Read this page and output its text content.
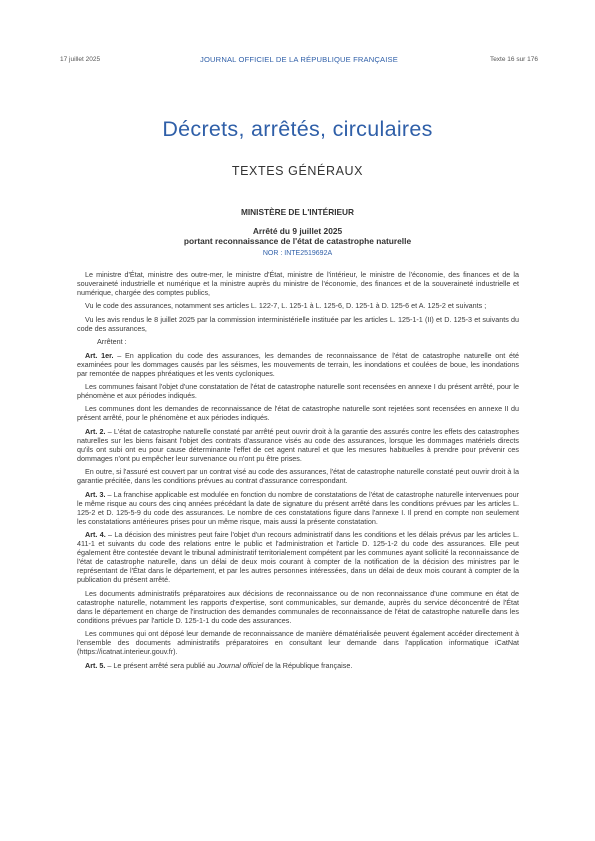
17 juillet 2025	JOURNAL OFFICIEL DE LA RÉPUBLIQUE FRANÇAISE	Texte 16 sur 176
Décrets, arrêtés, circulaires
TEXTES GÉNÉRAUX
MINISTÈRE DE L'INTÉRIEUR
Arrêté du 9 juillet 2025
portant reconnaissance de l'état de catastrophe naturelle
NOR : INTE2519692A

Le ministre d'État, ministre des outre-mer, le ministre d'État, ministre de l'intérieur, le ministre de l'économie, des finances et de la souveraineté industrielle et numérique et la ministre auprès du ministre de l'économie, des finances et de la souveraineté industrielle et numérique, chargée des comptes publics,

Vu le code des assurances, notamment ses articles L. 122-7, L. 125-1 à L. 125-6, D. 125-1 à D. 125-6 et A. 125-2 et suivants ;

Vu les avis rendus le 8 juillet 2025 par la commission interministérielle instituée par les articles L. 125-1-1 (II) et D. 125-3 et suivants du code des assurances,

Arrêtent :

Art. 1er. – En application du code des assurances, les demandes de reconnaissance de l'état de catastrophe naturelle ont été examinées pour les dommages causés par les séismes, les mouvements de terrain, les inondations et coulées de boue, les inondations par remontée de nappes phréatiques et les vents cycloniques.

Les communes faisant l'objet d'une constatation de l'état de catastrophe naturelle sont recensées en annexe I du présent arrêté, pour le phénomène et aux périodes indiqués.

Les communes dont les demandes de reconnaissance de l'état de catastrophe naturelle sont rejetées sont recensées en annexe II du présent arrêté, pour le phénomène et aux périodes indiqués.

Art. 2. – L'état de catastrophe naturelle constaté par arrêté peut ouvrir droit à la garantie des assurés contre les effets des catastrophes naturelles sur les biens faisant l'objet des contrats d'assurance visés au code des assurances, lorsque les dommages matériels directs qu'ils ont subi ont eu pour cause déterminante l'effet de cet agent naturel et que les mesures habituelles à prendre pour prévenir ces dommages n'ont pu empêcher leur survenance ou n'ont pu être prises.

En outre, si l'assuré est couvert par un contrat visé au code des assurances, l'état de catastrophe naturelle constaté peut ouvrir droit à la garantie précitée, dans les conditions prévues au contrat d'assurance correspondant.

Art. 3. – La franchise applicable est modulée en fonction du nombre de constatations de l'état de catastrophe naturelle intervenues pour le même risque au cours des cinq années précédant la date de signature du présent arrêté dans les conditions prévues par les articles L. 125-2 et D. 125-5-9 du code des assurances. Le nombre de ces constatations figure dans l'annexe I. Il prend en compte non seulement les constatations antérieures prises pour un même risque, mais aussi la présente constatation.

Art. 4. – La décision des ministres peut faire l'objet d'un recours administratif dans les conditions et les délais prévus par les articles L. 411-1 et suivants du code des relations entre le public et l'administration et l'article D. 125-1-2 du code des assurances. Elle peut également être contestée devant le tribunal administratif territorialement compétent par les communes ayant sollicité la reconnaissance de l'état de catastrophe naturelle, dans un délai de deux mois courant à compter de la notification de la décision des ministres par le représentant de l'État dans le département, et par les autres personnes intéressées, dans un délai de deux mois courant à compter de la publication du présent arrêté.

Les documents administratifs préparatoires aux décisions de reconnaissance ou de non reconnaissance d'une commune en état de catastrophe naturelle, notamment les rapports d'expertise, sont communicables, sur demande, auprès du service déconcentré de l'État dans le département en charge de l'instruction des demandes communales de reconnaissance de l'état de catastrophe naturelle dans les conditions prévues par l'article D. 125-1-1 du code des assurances.

Les communes qui ont déposé leur demande de reconnaissance de manière dématérialisée peuvent également accéder directement à l'ensemble des documents administratifs préparatoires en consultant leur demande dans l'application informatique iCatNat (https://icatnat.interieur.gouv.fr).

Art. 5. – Le présent arrêté sera publié au Journal officiel de la République française.
